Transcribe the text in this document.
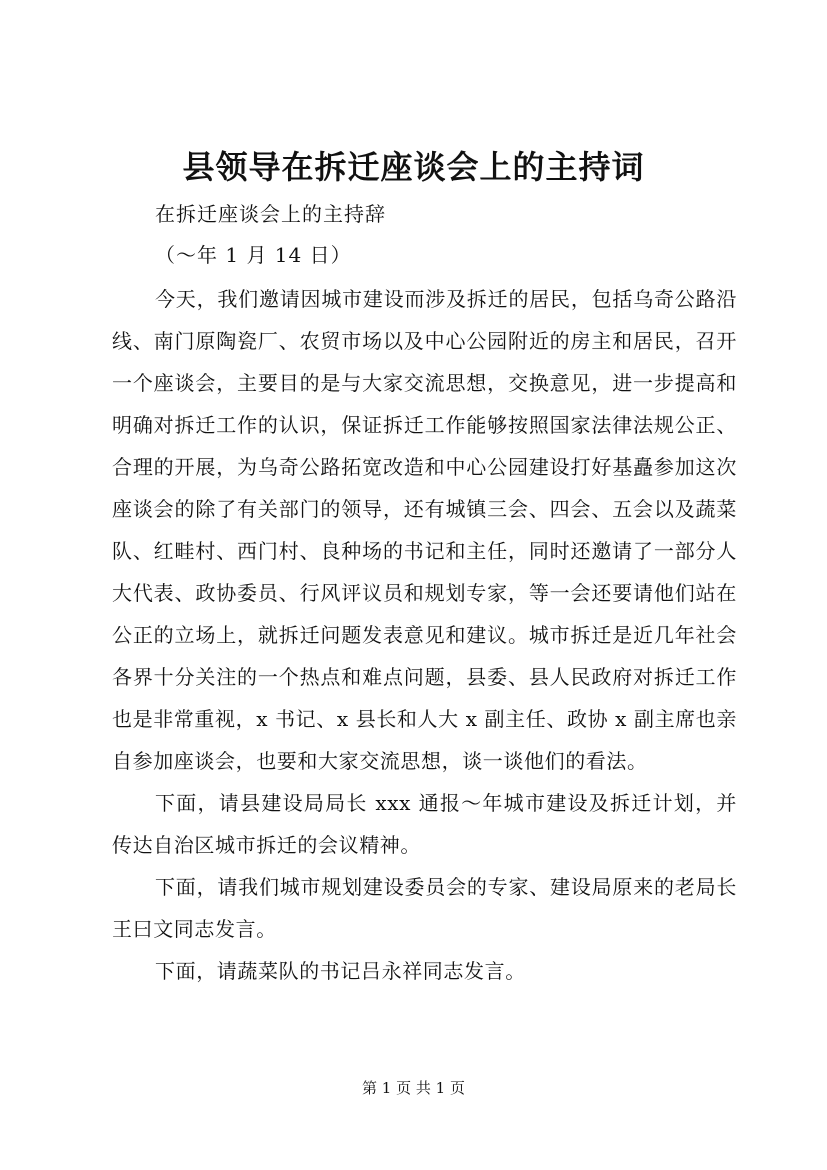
县领导在拆迁座谈会上的主持词

在拆迁座谈会上的主持辞

（～年 1 月 14 日）

今天，我们邀请因城市建设而涉及拆迁的居民，包括乌奇公路沿线、南门原陶瓷厂、农贸市场以及中心公园附近的房主和居民，召开一个座谈会，主要目的是与大家交流思想，交换意见，进一步提高和明确对拆迁工作的认识，保证拆迁工作能够按照国家法律法规公正、合理的开展，为乌奇公路拓宽改造和中心公园建设打好基矗参加这次座谈会的除了有关部门的领导，还有城镇三会、四会、五会以及蔬菜队、红畦村、西门村、良种场的书记和主任，同时还邀请了一部分人大代表、政协委员、行风评议员和规划专家，等一会还要请他们站在公正的立场上，就拆迁问题发表意见和建议。城市拆迁是近几年社会各界十分关注的一个热点和难点问题，县委、县人民政府对拆迁工作也是非常重视，x 书记、x 县长和人大 x 副主任、政协 x 副主席也亲自参加座谈会，也要和大家交流思想，谈一谈他们的看法。

下面，请县建设局局长 xxx 通报～年城市建设及拆迁计划，并传达自治区城市拆迁的会议精神。

下面，请我们城市规划建设委员会的专家、建设局原来的老局长王曰文同志发言。

下面，请蔬菜队的书记吕永祥同志发言。

第 1 页 共 1 页
